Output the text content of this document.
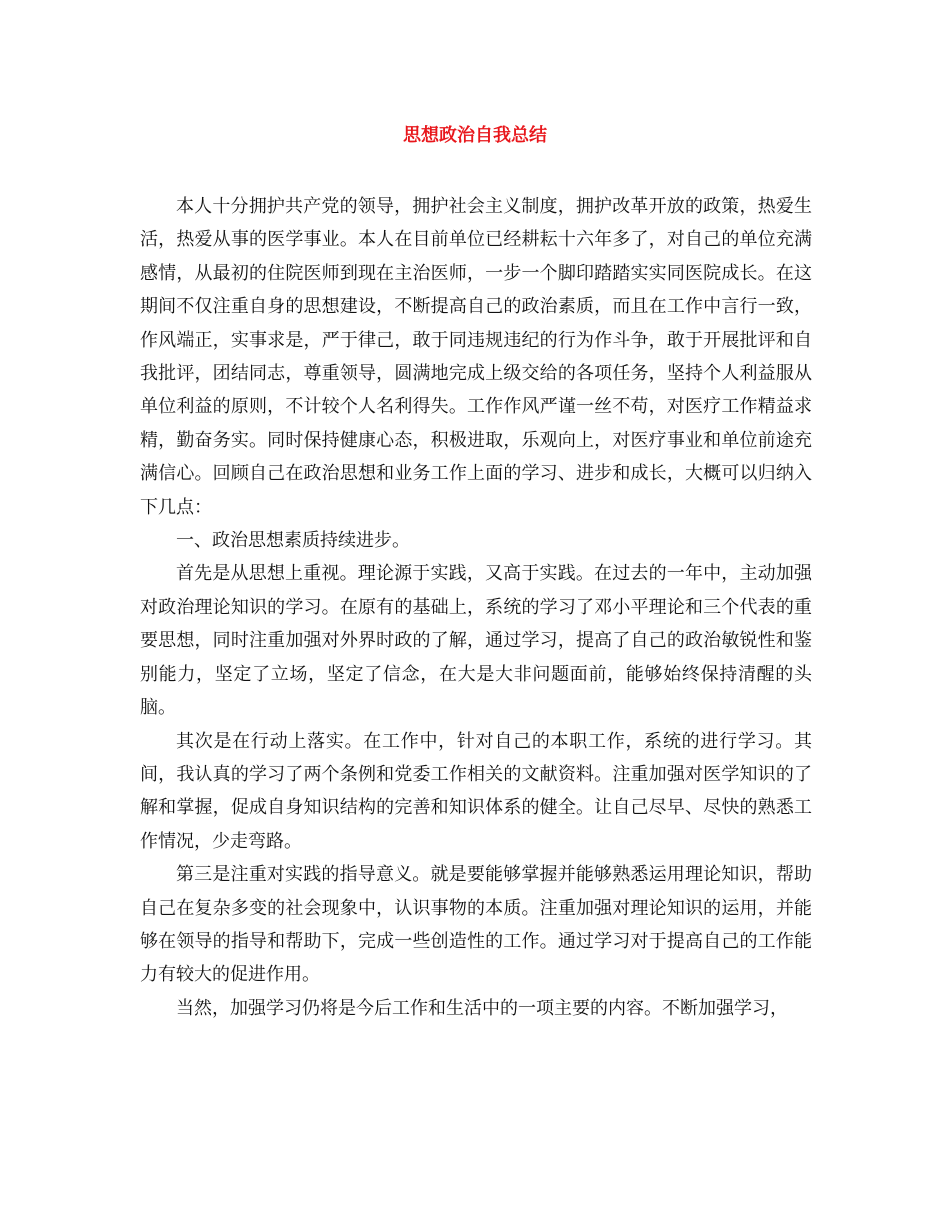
思想政治自我总结

本人十分拥护共产党的领导，拥护社会主义制度，拥护改革开放的政策，热爱生活，热爱从事的医学事业。本人在目前单位已经耕耘十六年多了，对自己的单位充满感情，从最初的住院医师到现在主治医师，一步一个脚印踏踏实实同医院成长。在这期间不仅注重自身的思想建设，不断提高自己的政治素质，而且在工作中言行一致，作风端正，实事求是，严于律己，敢于同违规违纪的行为作斗争，敢于开展批评和自我批评，团结同志，尊重领导，圆满地完成上级交给的各项任务，坚持个人利益服从单位利益的原则，不计较个人名利得失。工作作风严谨一丝不苟，对医疗工作精益求精，勤奋务实。同时保持健康心态，积极进取，乐观向上，对医疗事业和单位前途充满信心。回顾自己在政治思想和业务工作上面的学习、进步和成长，大概可以归纳入下几点：

一、政治思想素质持续进步。

首先是从思想上重视。理论源于实践，又高于实践。在过去的一年中，主动加强对政治理论知识的学习。在原有的基础上，系统的学习了邓小平理论和三个代表的重要思想，同时注重加强对外界时政的了解，通过学习，提高了自己的政治敏锐性和鉴别能力，坚定了立场，坚定了信念，在大是大非问题面前，能够始终保持清醒的头脑。

其次是在行动上落实。在工作中，针对自己的本职工作，系统的进行学习。其间，我认真的学习了两个条例和党委工作相关的文献资料。注重加强对医学知识的了解和掌握，促成自身知识结构的完善和知识体系的健全。让自己尽早、尽快的熟悉工作情况，少走弯路。

第三是注重对实践的指导意义。就是要能够掌握并能够熟悉运用理论知识，帮助自己在复杂多变的社会现象中，认识事物的本质。注重加强对理论知识的运用，并能够在领导的指导和帮助下，完成一些创造性的工作。通过学习对于提高自己的工作能力有较大的促进作用。

当然，加强学习仍将是今后工作和生活中的一项主要的内容。不断加强学习，
